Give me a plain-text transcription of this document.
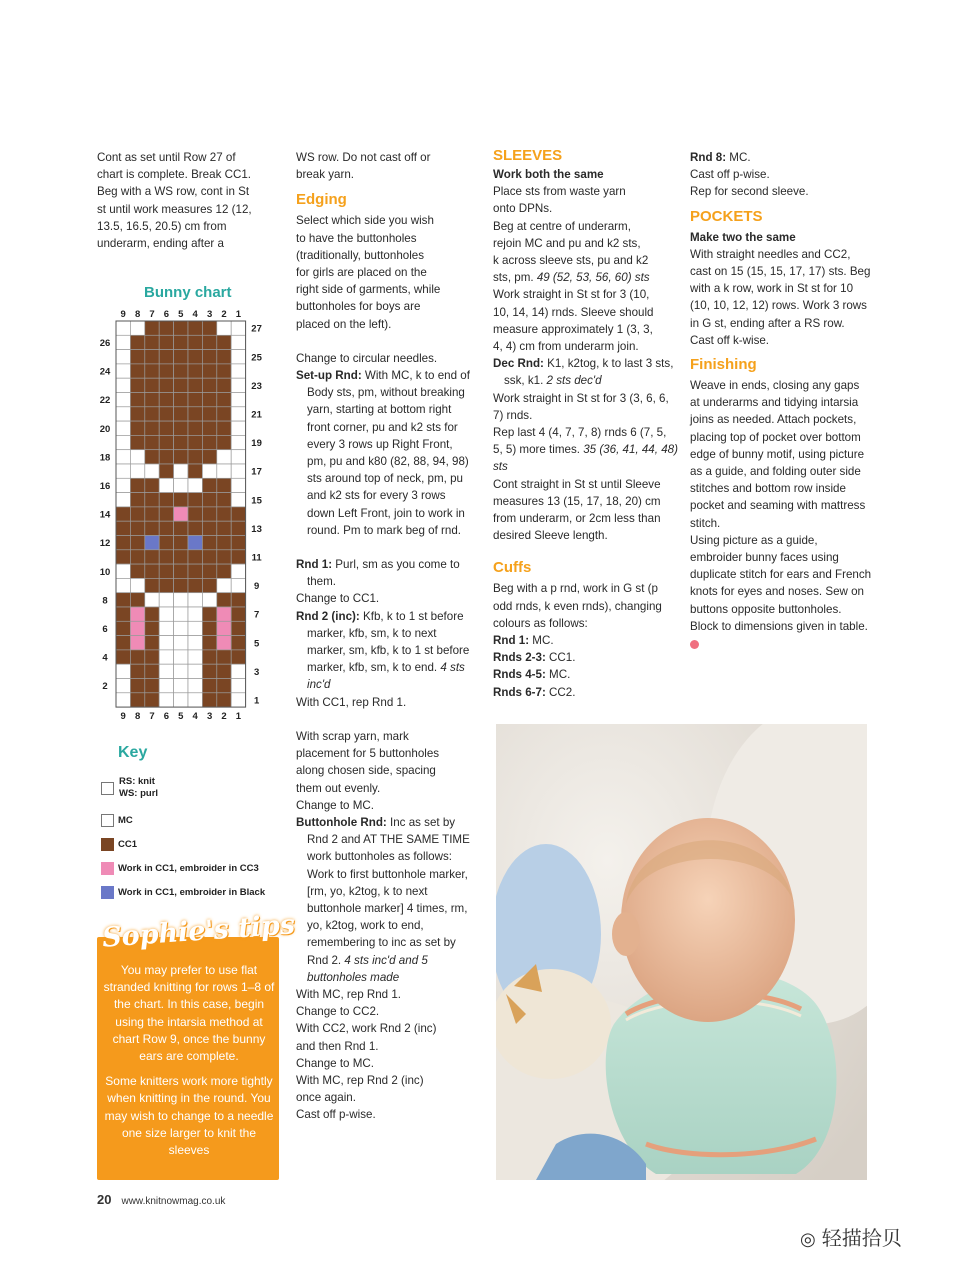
Cont as set until Row 27 of

chart is complete. Break CC1.

Beg with a WS row, cont in St

st until work measures 12 (12,

13.5, 16.5, 20.5) cm from

underarm, ending after a

Bunny chart
9 8 7 6 5 4 3 2 1
9 8 7 6 5 4 3 2 1
27
25
23
21
19
17
15
13
11
9
7
5
3
1
26
24
22
20
18
16
14
12
10
8
6
4
2
Key
RS: knit
WS: purl
MC
CC1
Work in CC1, embroider in CC3
Work in CC1, embroider in Black
Sophie's tips

You may prefer to use flat stranded knitting for rows 1–8 of the chart. In this case, begin using the intarsia method at chart Row 9, once the bunny ears are complete.

Some knitters work more tightly when knitting in the round. You may wish to change to a needle one size larger to knit the sleeves

WS row. Do not cast off or

break yarn.

Edging

Select which side you wish

to have the buttonholes

(traditionally, buttonholes

for girls are placed on the

right side of garments, while

buttonholes for boys are

placed on the left).

Change to circular needles.

Set-up Rnd: With MC, k to end of Body sts, pm, without breaking yarn, starting at bottom right front corner, pu and k2 sts for every 3 rows up Right Front, pm, pu and k80 (82, 88, 94, 98) sts around top of neck, pm, pu and k2 sts for every 3 rows down Left Front, join to work in round. Pm to mark beg of rnd.

Rnd 1: Purl, sm as you come to them.

Change to CC1.

Rnd 2 (inc): Kfb, k to 1 st before marker, kfb, sm, k to next marker, sm, kfb, k to 1 st before marker, kfb, sm, k to end. 4 sts inc'd

With CC1, rep Rnd 1.

With scrap yarn, mark

placement for 5 buttonholes

along chosen side, spacing

them out evenly.

Change to MC.

Buttonhole Rnd: Inc as set by Rnd 2 and AT THE SAME TIME work buttonholes as follows: Work to first buttonhole marker, [rm, yo, k2tog, k to next buttonhole marker] 4 times, rm, yo, k2tog, work to end, remembering to inc as set by Rnd 2. 4 sts inc'd and 5 buttonholes made

With MC, rep Rnd 1.

Change to CC2.

With CC2, work Rnd 2 (inc)

and then Rnd 1.

Change to MC.

With MC, rep Rnd 2 (inc)

once again.

Cast off p-wise.

SLEEVES

Work both the same

Place sts from waste yarn

onto DPNs.

Beg at centre of underarm,

rejoin MC and pu and k2 sts,

k across sleeve sts, pu and k2

sts, pm. 49 (52, 53, 56, 60) sts

Work straight in St st for 3 (10,

10, 14, 14) rnds. Sleeve should

measure approximately 1 (3, 3,

4, 4) cm from underarm join.

Dec Rnd: K1, k2tog, k to last 3 sts, ssk, k1. 2 sts dec'd

Work straight in St st for 3 (3, 6, 6, 7) rnds.

Rep last 4 (4, 7, 7, 8) rnds 6 (7, 5, 5, 5) more times. 35 (36, 41, 44, 48) sts

Cont straight in St st until Sleeve measures 13 (15, 17, 18, 20) cm from underarm, or 2cm less than desired Sleeve length.

Cuffs

Beg with a p rnd, work in G st (p odd rnds, k even rnds), changing colours as follows:

Rnd 1: MC.

Rnds 2-3: CC1.

Rnds 4-5: MC.

Rnds 6-7: CC2.

Rnd 8: MC.

Cast off p-wise.

Rep for second sleeve.

POCKETS

Make two the same

With straight needles and CC2, cast on 15 (15, 15, 17, 17) sts. Beg with a k row, work in St st for 10 (10, 10, 12, 12) rows. Work 3 rows in G st, ending after a RS row.

Cast off k-wise.

Finishing

Weave in ends, closing any gaps at underarms and tidying intarsia joins as needed. Attach pockets, placing top of pocket over bottom edge of bunny motif, using picture as a guide, and folding outer side stitches and bottom row inside pocket and seaming with mattress stitch.

Using picture as a guide, embroider bunny faces using duplicate stitch for ears and French knots for eyes and noses. Sew on buttons opposite buttonholes. Block to dimensions given in table.

20 www.knitnowmag.co.uk
◎ 轻描拾贝
